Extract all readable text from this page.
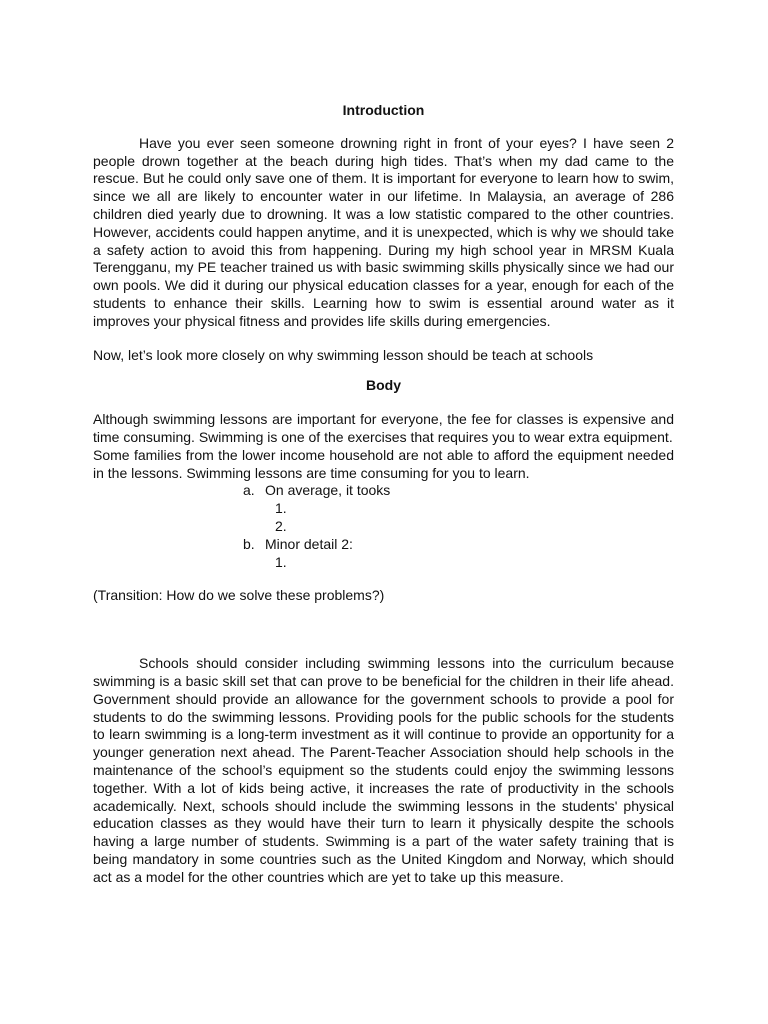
Introduction

Have you ever seen someone drowning right in front of your eyes? I have seen 2 people drown together at the beach during high tides. That’s when my dad came to the rescue. But he could only save one of them. It is important for everyone to learn how to swim, since we all are likely to encounter water in our lifetime. In Malaysia, an average of 286 children died yearly due to drowning. It was a low statistic compared to the other countries. However, accidents could happen anytime, and it is unexpected, which is why we should take a safety action to avoid this from happening. During my high school year in MRSM Kuala Terengganu, my PE teacher trained us with basic swimming skills physically since we had our own pools. We did it during our physical education classes for a year, enough for each of the students to enhance their skills. Learning how to swim is essential around water as it improves your physical fitness and provides life skills during emergencies.

Now, let’s look more closely on why swimming lesson should be teach at schools

Body

Although swimming lessons are important for everyone, the fee for classes is expensive and time consuming. Swimming is one of the exercises that requires you to wear extra equipment.

Some families from the lower income household are not able to afford the equipment needed in the lessons. Swimming lessons are time consuming for you to learn.

a. On average, it tooks
1.
2.
b. Minor detail 2:
1.

(Transition: How do we solve these problems?)

Schools should consider including swimming lessons into the curriculum because swimming is a basic skill set that can prove to be beneficial for the children in their life ahead. Government should provide an allowance for the government schools to provide a pool for students to do the swimming lessons. Providing pools for the public schools for the students to learn swimming is a long-term investment as it will continue to provide an opportunity for a younger generation next ahead. The Parent-Teacher Association should help schools in the maintenance of the school’s equipment so the students could enjoy the swimming lessons together. With a lot of kids being active, it increases the rate of productivity in the schools academically. Next, schools should include the swimming lessons in the students' physical education classes as they would have their turn to learn it physically despite the schools having a large number of students. Swimming is a part of the water safety training that is being mandatory in some countries such as the United Kingdom and Norway, which should act as a model for the other countries which are yet to take up this measure.
